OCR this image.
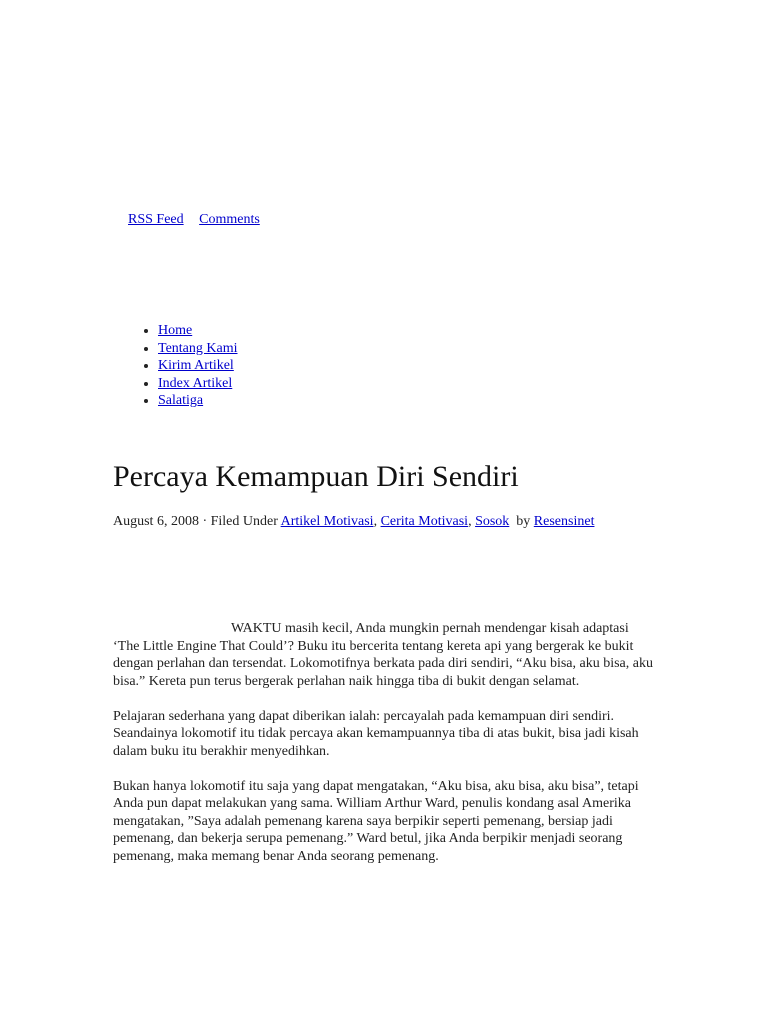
RSS Feed Comments
• Home
• Tentang Kami
• Kirim Artikel
• Index Artikel
• Salatiga
Percaya Kemampuan Diri Sendiri
August 6, 2008 · Filed Under Artikel Motivasi, Cerita Motivasi, Sosok by Resensinet

WAKTU masih kecil, Anda mungkin pernah mendengar kisah adaptasi ‘The Little Engine That Could’? Buku itu bercerita tentang kereta api yang bergerak ke bukit dengan perlahan dan tersendat. Lokomotifnya berkata pada diri sendiri, “Aku bisa, aku bisa, aku bisa.” Kereta pun terus bergerak perlahan naik hingga tiba di bukit dengan selamat.

Pelajaran sederhana yang dapat diberikan ialah: percayalah pada kemampuan diri sendiri. Seandainya lokomotif itu tidak percaya akan kemampuannya tiba di atas bukit, bisa jadi kisah dalam buku itu berakhir menyedihkan.

Bukan hanya lokomotif itu saja yang dapat mengatakan, “Aku bisa, aku bisa, aku bisa”, tetapi Anda pun dapat melakukan yang sama. William Arthur Ward, penulis kondang asal Amerika mengatakan, ”Saya adalah pemenang karena saya berpikir seperti pemenang, bersiap jadi pemenang, dan bekerja serupa pemenang.” Ward betul, jika Anda berpikir menjadi seorang pemenang, maka memang benar Anda seorang pemenang.
